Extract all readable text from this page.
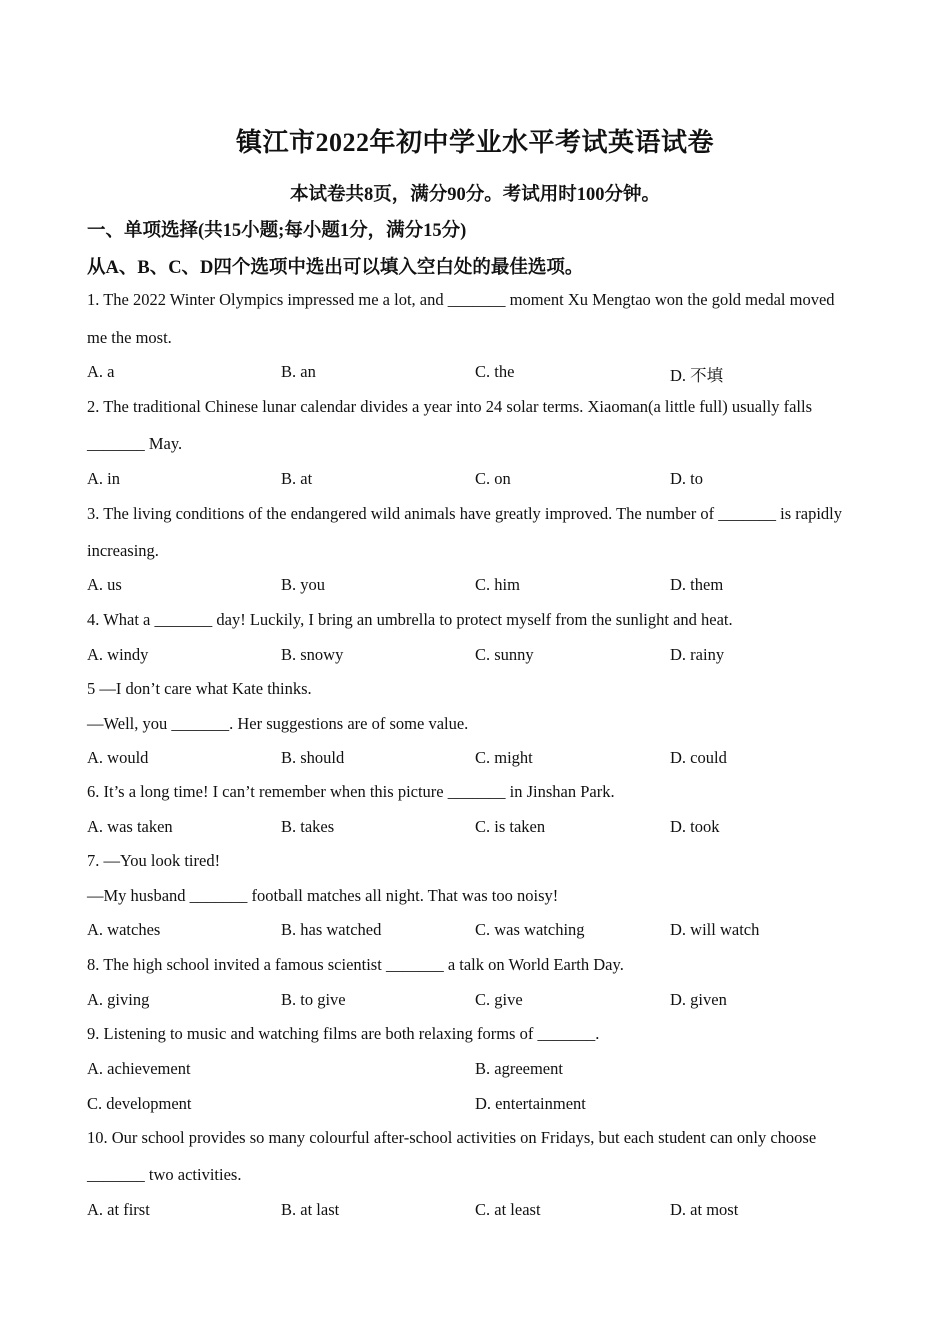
镇江市2022年初中学业水平考试英语试卷
本试卷共8页，满分90分。考试用时100分钟。
一、单项选择(共15小题;每小题1分，满分15分)
从A、B、C、D四个选项中选出可以填入空白处的最佳选项。
1. The 2022 Winter Olympics impressed me a lot, and _______ moment Xu Mengtao won the gold medal moved
me the most.
A. a	B. an	C. the	D. 不填
2. The traditional Chinese lunar calendar divides a year into 24 solar terms. Xiaoman(a little full) usually falls
_______ May.
A. in	B. at	C. on	D. to
3. The living conditions of the endangered wild animals have greatly improved. The number of _______ is rapidly
increasing.
A. us	B. you	C. him	D. them
4. What a _______ day! Luckily, I bring an umbrella to protect myself from the sunlight and heat.
A. windy	B. snowy	C. sunny	D. rainy
5 —I don’t care what Kate thinks.
—Well, you _______. Her suggestions are of some value.
A. would	B. should	C. might	D. could
6. It’s a long time! I can’t remember when this picture _______ in Jinshan Park.
A. was taken	B. takes	C. is taken	D. took
7. —You look tired!
—My husband _______ football matches all night. That was too noisy!
A. watches	B. has watched	C. was watching	D. will watch
8. The high school invited a famous scientist _______ a talk on World Earth Day.
A. giving	B. to give	C. give	D. given
9. Listening to music and watching films are both relaxing forms of _______.
A. achievement	B. agreement
C. development	D. entertainment
10. Our school provides so many colourful after-school activities on Fridays, but each student can only choose
_______ two activities.
A. at first	B. at last	C. at least	D. at most
